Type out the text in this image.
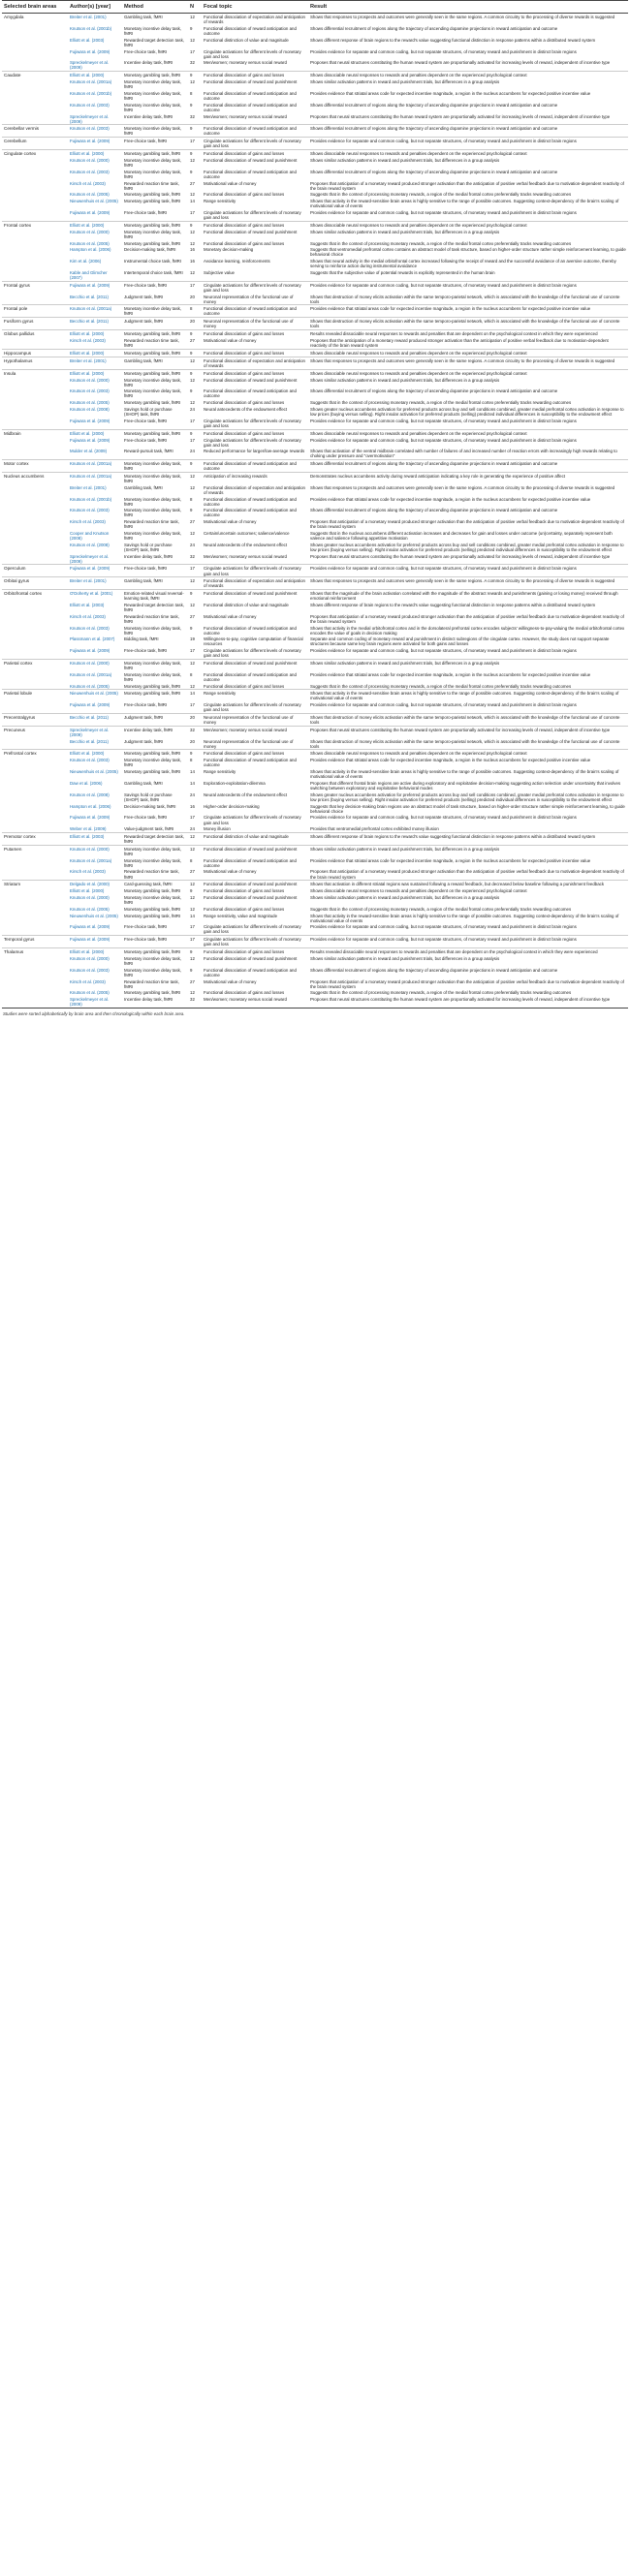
Selected brain areas	Author(s) [year]	Method	N	Focal topic	Result
Amygdala	Breiter et al. (2001)	Gambling task, fMRI	12	Functional dissociation of expectation and anticipation of rewards	Shows that responses to prospects and outcomes were generally seen in the same regions. A common circuitry to the processing of diverse rewards is suggested
	Knutson et al. (2001b)	Monetary incentive delay task, fMRI	9	Functional dissociation of reward anticipation and outcome	Shows differential recruitment of regions along the trajectory of ascending dopamine projections in reward anticipation and outcome
	Elliott et al. (2003)	Rewarded target detection task, fMRI	12	Functional distinction of value and magnitude	Shows different response of brain regions to the reward's value suggesting functional distinction in response patterns within a distributed reward system
	Fujiwara et al. (2009)	Free-choice task, fMRI	17	Cingulate activations for different levels of monetary gain and loss	Provides evidence for separate and common coding, but not separate structures, of monetary reward and punishment in distinct brain regions
	Spreckelmeyer et al. (2009)	Incentive delay task, fMRI	32	Men/women; monetary versus social reward	Proposes that neural structures constituting the human reward system are proportionally activated for increasing levels of reward, independent of incentive type
Caudate	Elliott et al. (2000)	Monetary gambling task, fMRI	9	Functional dissociation of gains and losses	Shows dissociable neural responses to rewards and penalties dependent on the experienced psychological context
	Knutson et al. (2001a)	Monetary incentive delay task, fMRI	12	Functional dissociation of reward and punishment	Shows similar activation patterns in reward and punishment trials, but differences in a group analysis
	Knutson et al. (2001b)	Monetary incentive delay task, fMRI	8	Functional dissociation of reward anticipation and outcome	Provides evidence that striatal areas code for expected incentive magnitude, a region in the nucleus accumbens for expected positive incentive value
	Knutson et al. (2003)	Monetary incentive delay task, fMRI	9	Functional dissociation of reward anticipation and outcome	Shows differential recruitment of regions along the trajectory of ascending dopamine projections in reward anticipation and outcome
	Spreckelmeyer et al. (2009)	Incentive delay task, fMRI	32	Men/women; monetary versus social reward	Proposes that neural structures constituting the human reward system are proportionally activated for increasing levels of reward, independent of incentive type
Cerebellar vermis	Knutson et al. (2003)	Monetary incentive delay task, fMRI	9	Functional dissociation of reward anticipation and outcome	Shows differential recruitment of regions along the trajectory of ascending dopamine projections in reward anticipation and outcome
Cerebellum	Fujiwara et al. (2009)	Free-choice task, fMRI	17	Cingulate activations for different levels of monetary gain and loss	Provides evidence for separate and common coding, but not separate structures, of monetary reward and punishment in distinct brain regions
Cingulate cortex	Elliott et al. (2000)	Monetary gambling task, fMRI	9	Functional dissociation of gains and losses	Shows dissociable neural responses to rewards and penalties dependent on the experienced psychological context
	Knutson et al. (2000)	Monetary incentive delay task, fMRI	12	Functional dissociation of reward and punishment	Shows similar activation patterns in reward and punishment trials, but differences in a group analysis
	Knutson et al. (2003)	Monetary incentive delay task, fMRI	9	Functional dissociation of reward anticipation and outcome	Shows differential recruitment of regions along the trajectory of ascending dopamine projections in reward anticipation and outcome
	Kirsch et al. (2003)	Rewarded reaction time task, fMRI	27	Motivational value of money	Proposes that anticipation of a monetary reward produced stronger activation than the anticipation of positive verbal feedback due to motivation-dependent reactivity of the brain reward system
	Knutson et al. (2005)	Monetary gambling task, fMRI	12	Functional dissociation of gains and losses	Suggests that in the context of processing monetary rewards, a region of the medial frontal cortex preferentially tracks rewarding outcomes
	Nieuwenhuis et al. (2005)	Monetary gambling task, fMRI	14	Range sensitivity	Shows that activity in the reward-sensitive brain areas is highly sensitive to the range of possible outcomes. Suggesting context-dependency of the brain's scaling of motivational value of events
	Fujiwara et al. (2009)	Free-choice task, fMRI	17	Cingulate activations for different levels of monetary gain and loss	Provides evidence for separate and common coding, but not separate structures, of monetary reward and punishment in distinct brain regions
Frontal cortex	Elliott et al. (2000)	Monetary gambling task, fMRI	9	Functional dissociation of gains and losses	Shows dissociable neural responses to rewards and penalties dependent on the experienced psychological context
	Knutson et al. (2000)	Monetary incentive delay task, fMRI	12	Functional dissociation of reward and punishment	Shows similar activation patterns in reward and punishment trials, but differences in a group analysis
	Knutson et al. (2005)	Monetary gambling task, fMRI	12	Functional dissociation of gains and losses	Suggests that in the context of processing monetary rewards, a region of the medial frontal cortex preferentially tracks rewarding outcomes
	Hampton et al. (2006)	Decision-making task, fMRI	16	Monetary decision-making	Suggests that ventromedial prefrontal cortex contains an abstract model of task structure, based on higher-order structure rather simple reinforcement learning, to guide behavioral choice
	Kim et al. (2006)	Instrumental choice task, fMRI	16	Avoidance learning, reinforcements	Shows that neural activity in the medial orbitofrontal cortex increased following the receipt of reward and the successful avoidance of an aversive outcome, thereby serving to reinforce action during instrumental avoidance
	Kable and Glimcher (2007)	Intertemporal choice task, fMRI	12	Subjective value	Suggests that the subjective value of potential rewards is explicitly represented in the human brain
Frontal gyrus	Fujiwara et al. (2009)	Free-choice task, fMRI	17	Cingulate activations for different levels of monetary gain and loss	Provides evidence for separate and common coding, but not separate structures, of monetary reward and punishment in distinct brain regions
	Becchio et al. (2011)	Judgment task, fMRI	20	Neuronal representation of the functional use of money	Shows that destruction of money elicits activation within the same temporo-parietal network, which is associated with the knowledge of the functional use of concrete tools
Frontal pole	Knutson et al. (2001a)	Monetary incentive delay task, fMRI	8	Functional dissociation of reward anticipation and outcome	Provides evidence that striatal areas code for expected incentive magnitude, a region in the nucleus accumbens for expected positive incentive value
Fusiform gyrus	Becchio et al. (2011)	Judgment task, fMRI	20	Neuronal representation of the functional use of money	Shows that destruction of money elicits activation within the same temporo-parietal network, which is associated with the knowledge of the functional use of concrete tools
Globus pallidus	Elliott et al. (2000)	Monetary gambling task, fMRI	9	Functional dissociation of gains and losses	Results revealed dissociable neural responses to rewards and penalties that are dependent on the psychological context in which they were experienced
	Kirsch et al. (2003)	Rewarded reaction time task, fMRI	27	Motivational value of money	Proposes that the anticipation of a monetary reward produced stronger activation than the anticipation of positive verbal feedback due to motivation-dependent reactivity of the brain reward system
Hippocampus	Elliott et al. (2000)	Monetary gambling task, fMRI	9	Functional dissociation of gains and losses	Shows dissociable neural responses to rewards and penalties dependent on the experienced psychological context
Hypothalamus	Breiter et al. (2001)	Gambling task, fMRI	12	Functional dissociation of expectation and anticipation of rewards	Shows that responses to prospects and outcomes were generally seen in the same regions. A common circuitry to the processing of diverse rewards is suggested
Insula	Elliott et al. (2000)	Monetary gambling task, fMRI	9	Functional dissociation of gains and losses	Shows dissociable neural responses to rewards and penalties dependent on the experienced psychological context
	Knutson et al. (2000)	Monetary incentive delay task, fMRI	12	Functional dissociation of reward and punishment	Shows similar activation patterns in reward and punishment trials, but differences in a group analysis
	Knutson et al. (2003)	Monetary incentive delay task, fMRI	9	Functional dissociation of reward anticipation and outcome	Shows differential recruitment of regions along the trajectory of ascending dopamine projections in reward anticipation and outcome
	Knutson et al. (2005)	Monetary gambling task, fMRI	12	Functional dissociation of gains and losses	Suggests that in the context of processing monetary rewards, a region of the medial frontal cortex preferentially tracks rewarding outcomes
	Knutson et al. (2008)	Savings hold or purchase (SHOP) task, fMRI	24	Neural antecedents of the endowment effect	Shows greater nucleus accumbens activation for preferred products across buy and sell conditions combined, greater medial prefrontal cortex activation in response to low prices (buying versus selling). Right insular activation for preferred products (selling) predicted individual differences in susceptibility to the endowment effect
	Fujiwara et al. (2009)	Free-choice task, fMRI	17	Cingulate activations for different levels of monetary gain and loss	Provides evidence for separate and common coding, but not separate structures, of monetary reward and punishment in distinct brain regions
Midbrain	Elliott et al. (2000)	Monetary gambling task, fMRI	9	Functional dissociation of gains and losses	Shows dissociable neural responses to rewards and penalties dependent on the experienced psychological context
	Fujiwara et al. (2009)	Free-choice task, fMRI	17	Cingulate activations for different levels of monetary gain and loss	Provides evidence for separate and common coding, but not separate structures, of monetary reward and punishment in distinct brain regions
	Mulder et al. (2009)	Reward-pursuit task, fMRI	24	Reduced performance for larger/low-average rewards	Shows that activation of the ventral midbrain correlated with number of failures of and increased number of reaction errors with increasingly high rewards relating to choking under pressure and "overmotivation"
Motor cortex	Knutson et al. (2001a)	Monetary incentive delay task, fMRI	9	Functional dissociation of reward anticipation and outcome	Shows differential recruitment of regions along the trajectory of ascending dopamine projections in reward anticipation and outcome
Nucleus accumbens	Knutson et al. (2001a)	Monetary incentive delay task, fMRI	12	Anticipation of increasing rewards	Demonstrates nucleus accumbens activity during reward anticipation indicating a key role in generating the experience of positive affect
	Breiter et al. (2001)	Gambling task, fMRI	12	Functional dissociation of expectation and anticipation of rewards	Shows that responses to prospects and outcomes were generally seen in the same regions. A common circuitry to the processing of diverse rewards is suggested
	Knutson et al. (2001b)	Monetary incentive delay task, fMRI	8	Functional dissociation of reward anticipation and outcome	Provides evidence that striatal areas code for expected incentive magnitude, a region in the nucleus accumbens for expected positive incentive value
	Knutson et al. (2003)	Monetary incentive delay task, fMRI	9	Functional dissociation of reward anticipation and outcome	Shows differential recruitment of regions along the trajectory of ascending dopamine projections in reward anticipation and outcome
	Kirsch et al. (2003)	Rewarded reaction time task, fMRI	27	Motivational value of money	Proposes that anticipation of a monetary reward produced stronger activation than the anticipation of positive verbal feedback due to motivation-dependent reactivity of the brain reward system
	Cooper and Knutson (2008)	Monetary incentive delay task, fMRI	12	Certain/uncertain outcomes; salience/valence	Suggests that in the nucleus accumbens different activation increases and decreases for gain and losses under outcome (un)certainty, separately represent both valence and salience following appetitive motivation
	Knutson et al. (2008)	Savings hold or purchase (SHOP) task, fMRI	24	Neural antecedents of the endowment effect	Shows greater nucleus accumbens activation for preferred products across buy and sell conditions combined, greater medial prefrontal cortex activation in response to low prices (buying versus selling). Right insular activation for preferred products (selling) predicted individual differences in susceptibility to the endowment effect
	Spreckelmeyer et al. (2009)	Incentive delay task, fMRI	32	Men/women; monetary versus social reward	Proposes that neural structures constituting the human reward system are proportionally activated for increasing levels of reward, independent of incentive type
Operculum	Fujiwara et al. (2009)	Free-choice task, fMRI	17	Cingulate activations for different levels of monetary gain and loss	Provides evidence for separate and common coding, but not separate structures, of monetary reward and punishment in distinct brain regions
Orbital gyrus	Breiter et al. (2001)	Gambling task, fMRI	12	Functional dissociation of expectation and anticipation of rewards	Shows that responses to prospects and outcomes were generally seen in the same regions. A common circuitry to the processing of diverse rewards is suggested
Orbitofrontal cortex	O'Doherty et al. (2001)	Emotion-related visual reversal-learning task, fMRI	9	Functional dissociation of reward and punishment	Shows that the magnitude of the brain activation correlated with the magnitude of the abstract rewards and punishments (gaining or losing money) received through emotional reinforcement
	Elliott et al. (2003)	Rewarded target detection task, fMRI	12	Functional distinction of value and magnitude	Shows different response of brain regions to the reward's value suggesting functional distinction in response patterns within a distributed reward system
	Kirsch et al. (2003)	Rewarded reaction time task, fMRI	27	Motivational value of money	Proposes that anticipation of a monetary reward produced stronger activation than the anticipation of positive verbal feedback due to motivation-dependent reactivity of the brain reward system
	Knutson et al. (2003)	Monetary incentive delay task, fMRI	9	Functional dissociation of reward anticipation and outcome	Shows that activity in the medial orbitofrontal cortex and in the dorsolateral prefrontal cortex encodes subjects' willingness-to-pay-valuing the medial orbitofrontal cortex encodes the value of goals in decision making
	Plassmann et al. (2007)	Bidding task, fMRI	19	Willingness-to-pay, cognitive computation of financial resources	Separate and common coding of monetary reward and punishment in distinct subregions of the cingulate cortex. However, the study does not support separate structures because same key brain regions were activated for both gains and losses
	Fujiwara et al. (2009)	Free-choice task, fMRI	17	Cingulate activations for different levels of monetary gain and loss	Provides evidence for separate and common coding, but not separate structures, of monetary reward and punishment in distinct brain regions
Parietal cortex	Knutson et al. (2000)	Monetary incentive delay task, fMRI	12	Functional dissociation of reward and punishment	Shows similar activation patterns in reward and punishment trials, but differences in a group analysis
	Knutson et al. (2001a)	Monetary incentive delay task, fMRI	8	Functional dissociation of reward anticipation and outcome	Provides evidence that striatal areas code for expected incentive magnitude, a region in the nucleus accumbens for expected positive incentive value
	Knutson et al. (2005)	Monetary gambling task, fMRI	12	Functional dissociation of gains and losses	Suggests that in the context of processing monetary rewards, a region of the medial frontal cortex preferentially tracks rewarding outcomes
Parietal lobule	Nieuwenhuis et al. (2005)	Monetary gambling task, fMRI	14	Range sensitivity	Shows that activity in the reward-sensitive brain areas is highly sensitive to the range of possible outcomes. Suggesting context-dependency of the brain's scaling of motivational value of events
	Fujiwara et al. (2009)	Free-choice task, fMRI	17	Cingulate activations for different levels of monetary gain and loss	Provides evidence for separate and common coding, but not separate structures, of monetary reward and punishment in distinct brain regions
Precentralgyrus	Becchio et al. (2011)	Judgment task, fMRI	20	Neuronal representation of the functional use of money	Shows that destruction of money elicits activation within the same temporo-parietal network, which is associated with the knowledge of the functional use of concrete tools
Precuneus	Spreckelmeyer et al. (2009)	Incentive delay task, fMRI	32	Men/women; monetary versus social reward	Proposes that neural structures constituting the human reward system are proportionally activated for increasing levels of reward, independent of incentive type
	Becchio et al. (2011)	Judgment task, fMRI	20	Neuronal representation of the functional use of money	Shows that destruction of money elicits activation within the same temporo-parietal network, which is associated with the knowledge of the functional use of concrete tools
Prefrontal cortex	Elliott et al. (2000)	Monetary gambling task, fMRI	9	Functional dissociation of gains and losses	Shows dissociable neural responses to rewards and penalties dependent on the experienced psychological context
	Knutson et al. (2003)	Monetary incentive delay task, fMRI	8	Functional dissociation of reward anticipation and outcome	Provides evidence that striatal areas code for expected incentive magnitude, a region in the nucleus accumbens for expected positive incentive value
	Nieuwenhuis et al. (2005)	Monetary gambling task, fMRI	14	Range sensitivity	Shows that activity in the reward-sensitive brain areas is highly sensitive to the range of possible outcomes. Suggesting context-dependency of the brain's scaling of motivational value of events
	Daw et al. (2006)	Gambling task, fMRI	14	Exploration-exploitation-dilemma	Proposes that different frontal brain regions are active during exploratory and exploitative decision-making suggesting action selection under uncertainty that involves switching between exploratory and exploitative behavioral modes
	Knutson et al. (2008)	Savings hold or purchase (SHOP) task, fMRI	24	Neural antecedents of the endowment effect	Shows greater nucleus accumbens activation for preferred products across buy and sell conditions combined, greater medial prefrontal cortex activation in response to low prices (buying versus selling). Right insular activation for preferred products (selling) predicted individual differences in susceptibility to the endowment effect
	Hampton et al. (2006)	Decision-making task, fMRI	16	Higher-order decision-making	Suggests that key decision-making brain regions use an abstract model of task structure, based on higher-order structure rather simple reinforcement learning, to guide behavioral choice
	Fujiwara et al. (2009)	Free-choice task, fMRI	17	Cingulate activations for different levels of monetary gain and loss	Provides evidence for separate and common coding, but not separate structures, of monetary reward and punishment in distinct brain regions
	Weber et al. (2009)	Value-judgment task, fMRI	24	Money illusion	Provides that ventromedial prefrontal cortex exhibited money illusion
Premotor cortex	Elliott et al. (2003)	Rewarded target detection task, fMRI	12	Functional distinction of value and magnitude	Shows different response of brain regions to the reward's value suggesting functional distinction in response patterns within a distributed reward system
Putamen	Knutson et al. (2000)	Monetary incentive delay task, fMRI	12	Functional dissociation of reward and punishment	Shows similar activation patterns in reward and punishment trials, but differences in a group analysis
	Knutson et al. (2001a)	Monetary incentive delay task, fMRI	8	Functional dissociation of reward anticipation and outcome	Provides evidence that striatal areas code for expected incentive magnitude, a region in the nucleus accumbens for expected positive incentive value
	Kirsch et al. (2003)	Rewarded reaction time task, fMRI	27	Motivational value of money	Proposes that anticipation of a monetary reward produced stronger activation than the anticipation of positive verbal feedback due to motivation-dependent reactivity of the brain reward system
Striatum	Delgado et al. (2000)	Card-guessing task, fMRI	12	Functional dissociation of reward and punishment	Shows that activation in different striatal regions was sustained following a reward feedback, but decreased below baseline following a punishment feedback
	Elliott et al. (2000)	Monetary gambling task, fMRI	9	Functional dissociation of gains and losses	Shows dissociable neural responses to rewards and penalties dependent on the experienced psychological context
	Knutson et al. (2000)	Monetary incentive delay task, fMRI	12	Functional dissociation of reward and punishment	Shows similar activation patterns in reward and punishment trials, but differences in a group analysis
	Knutson et al. (2005)	Monetary gambling task, fMRI	12	Functional dissociation of gains and losses	Suggests that in the context of processing monetary rewards, a region of the medial frontal cortex preferentially tracks rewarding outcomes
	Nieuwenhuis et al. (2005)	Monetary gambling task, fMRI	14	Range sensitivity, value and magnitude	Shows that activity in the reward-sensitive brain areas is highly sensitive to the range of possible outcomes. Suggesting context-dependency of the brain's scaling of motivational value of events
	Fujiwara et al. (2009)	Free-choice task, fMRI	17	Cingulate activations for different levels of monetary gain and loss	Provides evidence for separate and common coding, but not separate structures, of monetary reward and punishment in distinct brain regions
Temporal gyrus	Fujiwara et al. (2009)	Free-choice task, fMRI	17	Cingulate activations for different levels of monetary gain and loss	Provides evidence for separate and common coding, but not separate structures, of monetary reward and punishment in distinct brain regions
Thalamus	Elliott et al. (2000)	Monetary gambling task, fMRI	9	Functional dissociation of gains and losses	Results revealed dissociable neural responses to rewards and penalties that are dependent on the psychological context in which they were experienced
	Knutson et al. (2000)	Monetary incentive delay task, fMRI	12	Functional dissociation of reward and punishment	Shows similar activation patterns in reward and punishment trials, but differences in a group analysis
	Knutson et al. (2003)	Monetary incentive delay task, fMRI	9	Functional dissociation of reward anticipation and outcome	Shows differential recruitment of regions along the trajectory of ascending dopamine projections in reward anticipation and outcome
	Kirsch et al. (2003)	Rewarded reaction time task, fMRI	27	Motivational value of money	Proposes that anticipation of a monetary reward produced stronger activation than the anticipation of positive verbal feedback due to motivation-dependent reactivity of the brain reward system
	Knutson et al. (2005)	Monetary gambling task, fMRI	12	Functional dissociation of gains and losses	Suggests that in the context of processing monetary rewards, a region of the medial frontal cortex preferentially tracks rewarding outcomes
	Spreckelmeyer et al. (2009)	Incentive delay task, fMRI	32	Men/women; monetary versus social reward	Proposes that neural structures constituting the human reward system are proportionally activated for increasing levels of reward, independent of incentive type
Studies were sorted alphabetically by brain area and then chronologically within each brain area.
